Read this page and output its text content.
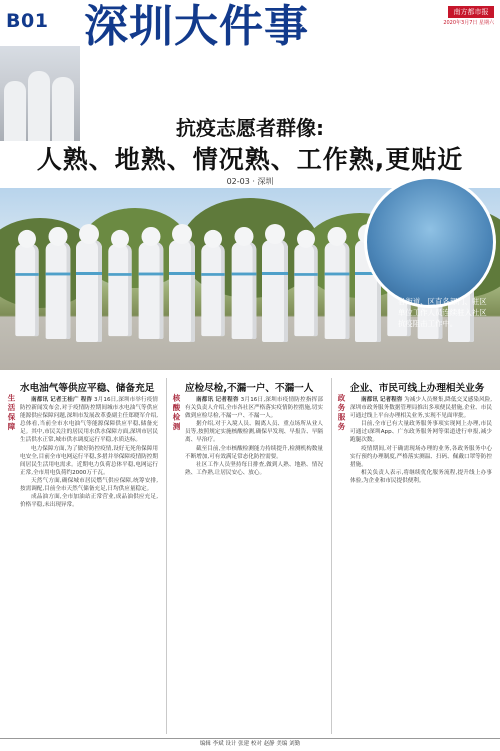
B01 深圳大件事	南方都市报
2020年3月7日 星期六
抗疫志愿者群像:
人熟、地熟、情况熟、工作熟,更贴近
02-03 · 深圳
各街道、区直各部门、驻区单位工作人员连续驻入社区抗疫阻击工作中。
生活保障
水电油气等供应平稳、储备充足

南都讯 记者王桂广 程咨 3月16日,深圳市举行疫情防控新闻发布会,对于疫情防控期间城市水电油气等供应能源供应保障问题,深圳市发展改革委副主任郑晓军介绍,总体看,当前全市水电油气等能源保障供应平稳,储备充足。其中,市民关注的居民用水供水保障方面,深圳市居民生活供水正常,城市供水调度运行平稳,水质达标。

电力保障方面,为了做好防控疫情,设好无死角保障用电安全,目前全市电网运行平稳,多措并举保障疫情防控期间居民生活用电需求。近期电力负荷总体平稳,电网运行正常,全市用电负荷约2000万千瓦。

天然气方面,确保城市居民燃气供应保障,统筹安排,按需调配,目前全市天然气储备充足,日均供应量稳定。

成品油方面,全市加油站正常营业,成品油供应充足,价格平稳,未出现异常。

核酸检测
应检尽检,不漏一户、不漏一人

南都讯 记者程咨 3月16日,深圳市疫情防控指挥部有关负责人介绍,全市各社区严格落实疫情防控措施,切实做到应检尽检,不漏一户、不漏一人。

据介绍,对于入境人员、隔离人员、重点场所从业人员等,按照规定实施核酸检测,确保早发现、早报告、早隔离、早治疗。

截至目前,全市核酸检测能力持续提升,检测机构数量不断增加,可有效满足常态化防控需要。

社区工作人员坚持每日排查,做到人熟、地熟、情况熟、工作熟,让居民安心、放心。

政务服务
企业、市民可线上办理相关业务

南都讯 记者程咨 为减少人员聚集,降低交叉感染风险,深圳市政务服务数据管理局推出多项便民措施,企业、市民可通过线上平台办理相关业务,实现不见面审批。

目前,全市已有大量政务服务事项实现网上办理,市民可通过i深圳App、广东政务服务网等渠道进行申报,减少跑腿次数。

疫情期间,对于确需现场办理的业务,各政务服务中心实行预约办理制度,严格落实测温、扫码、佩戴口罩等防控措施。

相关负责人表示,将继续优化服务流程,提升线上办事体验,为企业和市民提供便利。

编辑 李斌 设计 张建 校对 赵静 美编 刘勤
